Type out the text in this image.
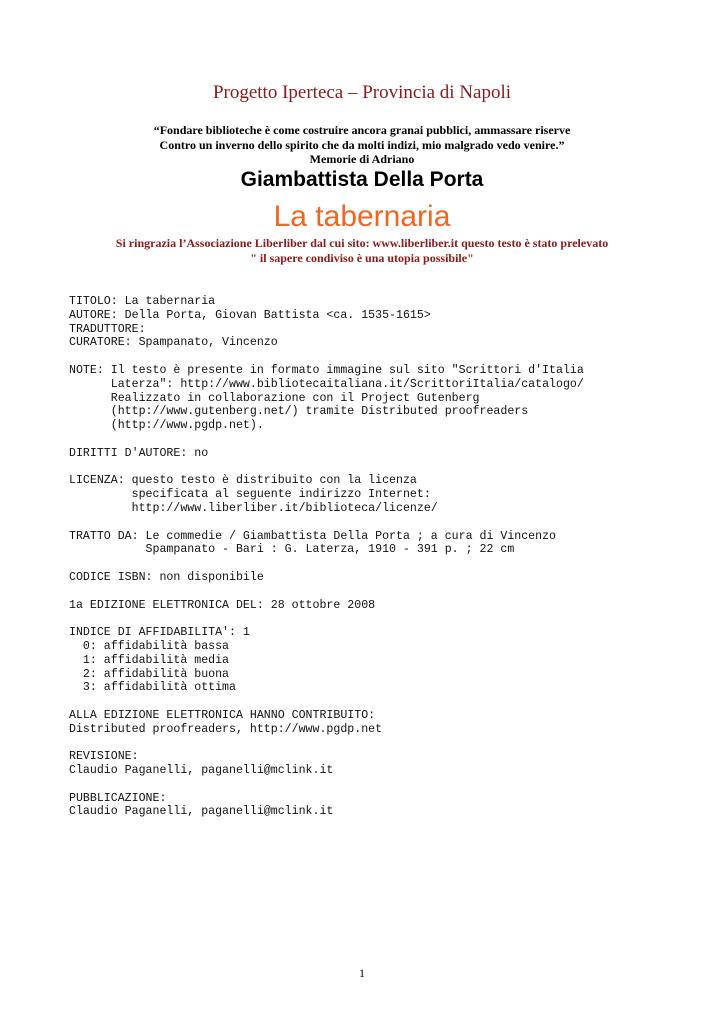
Progetto Iperteca – Provincia di Napoli
“Fondare biblioteche è come costruire ancora granai pubblici, ammassare riserve
Contro un inverno dello spirito che da molti indizi, mio malgrado vedo venire.”
Memorie di Adriano
Giambattista Della Porta
La tabernaria
Si ringrazia l’Associazione Liberliber dal cui sito: www.liberliber.it questo testo è stato prelevato
" il sapere condiviso è una utopia possibile"
TITOLO: La tabernaria
AUTORE: Della Porta, Giovan Battista <ca. 1535-1615>
TRADUTTORE:
CURATORE: Spampanato, Vincenzo
NOTE: Il testo è presente in formato immagine sul sito "Scrittori d'Italia
Laterza": http://www.bibliotecaitaliana.it/ScrittoriItalia/catalogo/
Realizzato in collaborazione con il Project Gutenberg
(http://www.gutenberg.net/) tramite Distributed proofreaders
(http://www.pgdp.net).
DIRITTI D'AUTORE: no
LICENZA: questo testo è distribuito con la licenza
specificata al seguente indirizzo Internet:
http://www.liberliber.it/biblioteca/licenze/
TRATTO DA: Le commedie / Giambattista Della Porta ; a cura di Vincenzo
Spampanato - Bari : G. Laterza, 1910 - 391 p. ; 22 cm
CODICE ISBN: non disponibile
1a EDIZIONE ELETTRONICA DEL: 28 ottobre 2008
INDICE DI AFFIDABILITA': 1
0: affidabilità bassa
1: affidabilità media
2: affidabilità buona
3: affidabilità ottima
ALLA EDIZIONE ELETTRONICA HANNO CONTRIBUITO:
Distributed proofreaders, http://www.pgdp.net
REVISIONE:
Claudio Paganelli, paganelli@mclink.it
PUBBLICAZIONE:
Claudio Paganelli, paganelli@mclink.it
1
